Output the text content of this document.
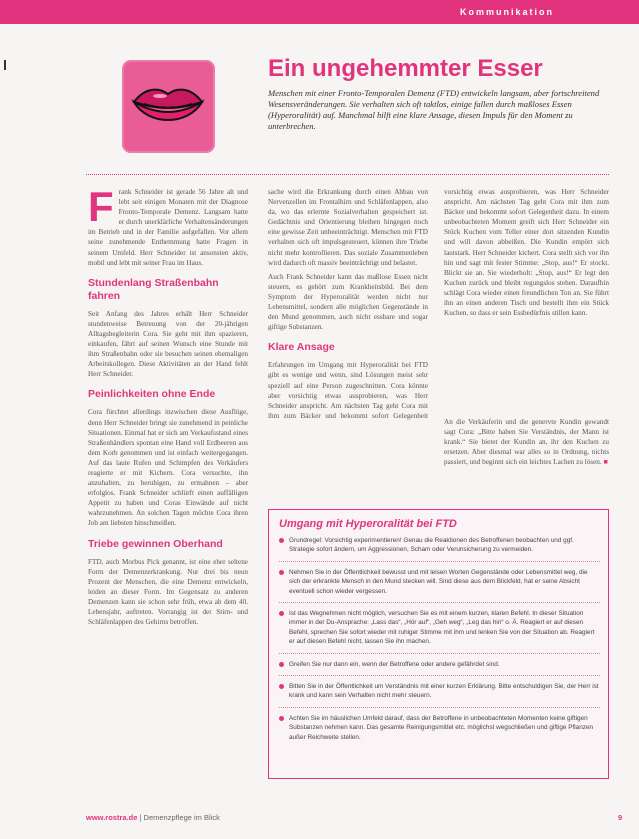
Kommunikation
Ein ungehemmter Esser

Menschen mit einer Fronto-Temporalen Demenz (FTD) entwickeln langsam, aber fortschreitend Wesensveränderungen. Sie verhalten sich oft taktlos, einige fallen durch maßloses Essen (Hyperoralität) auf. Manchmal hilft eine klare Ansage, diesen Impuls für den Moment zu unterbrechen.

Frank Schneider ist gerade 56 Jahre alt und lebt seit einigen Monaten mit der Diagnose Fronto-Temporale Demenz. Langsam hatte er durch unerklärliche Verhaltensänderungen im Betrieb und in der Familie aufgefallen. Vor allem seine zunehmende Enthemmung hatte Fragen in seinem Umfeld. Herr Schneider ist ansonsten aktiv, mobil und lebt mit seiner Frau im Haus.

Stundenlang Straßenbahn fahren

Seit Anfang des Jahres erhält Herr Schneider stundenweise Betreuung von der 20-jährigen Alltagsbegleiterin Cora. Sie geht mit ihm spazieren, einkaufen, fährt auf seinen Wunsch eine Stunde mit ihm Straßenbahn oder sie besuchen seinen ehemaligen Arbeitskollegen. Diese Aktivitäten an der Hand fehlt Herr Schneider.

Peinlichkeiten ohne Ende

Cora fürchtet allerdings inzwischen diese Ausflüge, denn Herr Schneider bringt sie zunehmend in peinliche Situationen. Einmal hat er sich am Verkaufsstand eines Straßenhändlers spontan eine Hand voll Erdbeeren aus dem Korb genommen und ist einfach weitergegangen. Auf das laute Rufen und Schimpfen des Verkäufers reagierte er mit Kichern. Cora versuchte, ihn anzuhalten, zu beruhigen, zu ermahnen – aber erfolglos. Frank Schneider schlürft einen auffälligen Appetit zu haben und Coras Einwände auf nicht wahrzunehmen. An solchen Tagen möchte Cora ihren Job am liebsten hinschmeißen.

Triebe gewinnen Oberhand

FTD, auch Morbus Pick genannt, ist eine eher seltene Form der Demenzerkrankung. Nur drei bis neun Prozent der Menschen, die eine Demenz entwickeln, leiden an dieser Form. Im Gegensatz zu anderen Demenzen kann sie schon sehr früh, etwa ab dem 40. Lebensjahr, auftreten. Vorrangig ist der Stirn- und Schläfenlappen des Gehirns betroffen.

sache wird die Erkrankung durch einen Abbau von Nervenzellen im Frontalhirn und Schläfenlappen, also da, wo das erlernte Sozialverhalten gespeichert ist. Gedächtnis und Orientierung bleiben hingegen noch eine gewisse Zeit unbeeinträchtigt. Menschen mit FTD verhalten sich oft impulsgesteuert, können ihre Triebe nicht mehr kontrollieren. Das soziale Zusammenleben wird dadurch oft massiv beeinträchtigt und belastet.

Auch Frank Schneider kann das maßlose Essen nicht steuern, es gehört zum Krankheitsbild. Bei dem Symptom der Hyperoralität werden nicht nur Lebensmittel, sondern alle möglichen Gegenstände in den Mund genommen, auch nicht essbare und sogar giftige Substanzen.

Klare Ansage

Erfahrungen im Umgang mit Hyperoralität bei FTD gibt es wenige und wenn, sind Lösungen meist sehr speziell auf eine Person zugeschnitten. Cora könnte aber vorsichtig etwas ausprobieren, was Herr Schneider anspricht. Am nächsten Tag geht Cora mit ihm zum Bäcker und bekommt sofort Gelegenheit

vorsichtig etwas ausprobieren, was Herr Schneider anspricht. Am nächsten Tag geht Cora mit ihm zum Bäcker und bekommt sofort Gelegenheit dazu. In einem unbeobachteten Moment greift sich Herr Schneider ein Stück Kuchen vom Teller einer dort sitzenden Kundin und will davon abbeißen. Die Kundin empört sich lautstark. Herr Schneider kichert. Cora stellt sich vor ihn hin und sagt mit fester Stimme: „Stop, aus!“ Er stockt. Blickt sie an. Sie wiederholt: „Stop, aus!“ Er legt den Kuchen zurück und bleibt regungslos stehen. Daraufhin schlägt Cora wieder einen freundlichen Ton an. Sie führt ihn an einen anderen Tisch und bestellt ihm ein Stück Kuchen, so dass er sein Essbedürfnis stillen kann.

An die Verkäuferin und die genervte Kundin gewandt sagt Cora: „Bitte haben Sie Verständnis, der Mann ist krank.“ Sie bietet der Kundin an, ihr den Kuchen zu ersetzen. Aber diesmal war alles so in Ordnung, nichts passiert, und beginnt sich ein leichtes Lachen zu lösen. ■

Umgang mit Hyperoralität bei FTD
Grundregel: Vorsichtig experimentieren! Genau die Reaktionen des Betroffenen beobachten und ggf. Strategie sofort ändern, um Aggressionen, Scham oder Verunsicherung zu vermeiden.
Nehmen Sie in der Öffentlichkeit bewusst und mit leisen Worten Gegenstände oder Lebensmittel weg, die sich der erkrankte Mensch in den Mund stecken will. Sind diese aus dem Blickfeld, hat er seine Absicht eventuell schon wieder vergessen.
Ist das Wegnehmen nicht möglich, versuchen Sie es mit einem kurzen, klaren Befehl. In dieser Situation immer in der Du-Ansprache: „Lass das“, „Hör auf“, „Geh weg“, „Leg das hin“ o. Ä. Reagiert er auf diesen Befehl, sprechen Sie sofort wieder mit ruhiger Stimme mit ihm und lenken Sie von der Situation ab. Reagiert er auf diesen Befehl nicht, lassen Sie ihn machen.
Greifen Sie nur dann ein, wenn der Betroffene oder andere gefährdet sind.
Bitten Sie in der Öffentlichkeit um Verständnis mit einer kurzen Erklärung. Bitte entschuldigen Sie, der Herr ist krank und kann sein Verhalten nicht mehr steuern.
Achten Sie im häuslichen Umfeld darauf, dass der Betroffene in unbeobachteten Momenten keine giftigen Substanzen nehmen kann. Das gesamte Reinigungsmittel etc. möglichst wegschließen und giftige Pflanzen außer Reichweite stellen.
www.rostra.de | Demenzpflege im Blick	9
